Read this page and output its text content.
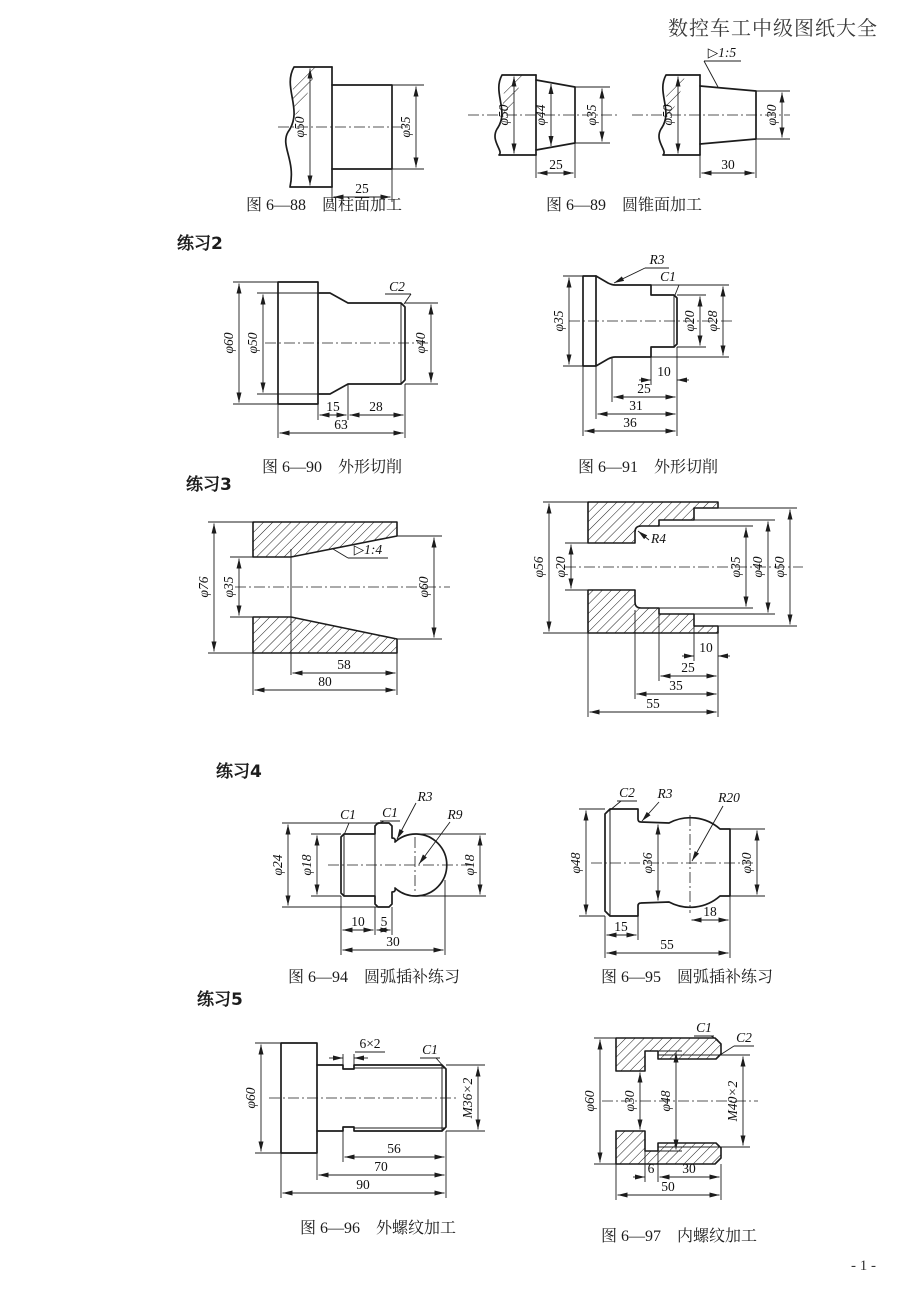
数控车工中级图纸大全
φ50	φ35
25
图 6—88　圆柱面加工
φ50 φ44	φ35
25
▷1:5
φ50	φ30
30
图 6—89　圆锥面加工
练习2
φ60 φ50
C2
φ40
15 28
63
图 6—90　外形切削
R3
C1
φ35	φ20 φ28
10
25
31
36
图 6—91　外形切削
练习3
▷1:4
φ76 φ35	φ60
58
80
R4
φ56 φ20	φ35 φ40 φ50
10
25
35
55
练习4
C1 C1
R3
R9
φ24 φ18	φ18
10 5
30
图 6—94　圆弧插补练习
C2 R3	R20
φ48	φ36	φ30
18
15
55
图 6—95　圆弧插补练习
练习5
φ60
6×2	C1
M36×2
56
70
90
图 6—96　外螺纹加工
C1
C2
φ60 φ30 φ48	M40×2
6 30
50
图 6—97　内螺纹加工
- 1 -
